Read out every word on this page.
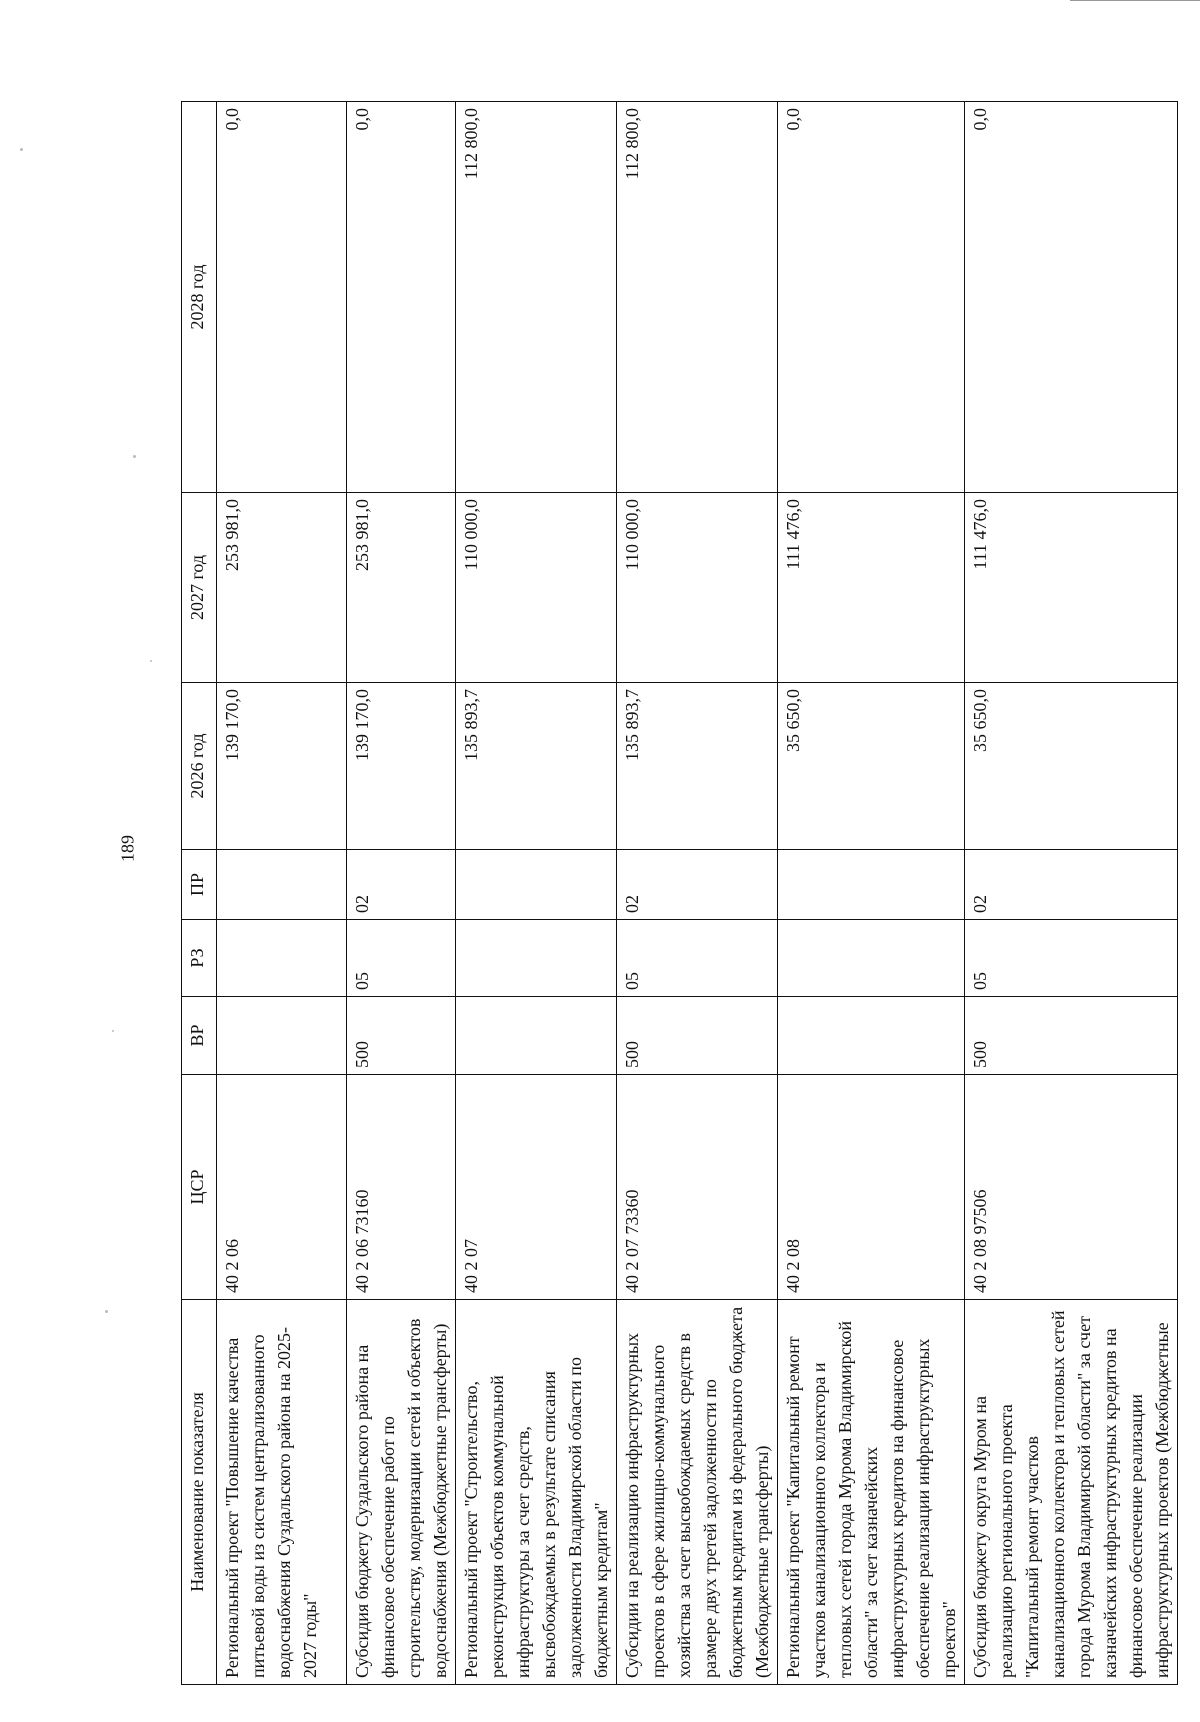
189
Наименование показателя	ЦСР	ВР	РЗ	ПР	2026 год	2027 год	2028 год
Региональный проект "Повышение качества питьевой воды из систем централизованного водоснабжения Суздальского района на 2025-2027 годы"	40 2 06				139 170,0	253 981,0	0,0
Субсидия бюджету Суздальского района на финансовое обеспечение работ по строительству, модернизации сетей и объектов водоснабжения (Межбюджетные трансферты)	40 2 06 73160	500	05	02	139 170,0	253 981,0	0,0
Региональный проект "Строительство, реконструкция объектов коммунальной инфраструктуры за счет средств, высвобождаемых в результате списания задолженности Владимирской области по бюджетным кредитам"	40 2 07				135 893,7	110 000,0	112 800,0
Субсидии на реализацию инфраструктурных проектов в сфере жилищно-коммунального хозяйства за счет высвобождаемых средств в размере двух третей задолженности по бюджетным кредитам из федерального бюджета (Межбюджетные трансферты)	40 2 07 73360	500	05	02	135 893,7	110 000,0	112 800,0
Региональный проект "Капитальный ремонт участков канализационного коллектора и тепловых сетей города Мурома Владимирской области" за счет казначейских инфраструктурных кредитов на финансовое обеспечение реализации инфраструктурных проектов"	40 2 08				35 650,0	111 476,0	0,0
Субсидия бюджету округа Муром на реализацию регионального проекта "Капитальный ремонт участков канализационного коллектора и тепловых сетей города Мурома Владимирской области" за счет казначейских инфраструктурных кредитов на финансовое обеспечение реализации инфраструктурных проектов (Межбюджетные	40 2 08 97506	500	05	02	35 650,0	111 476,0	0,0
